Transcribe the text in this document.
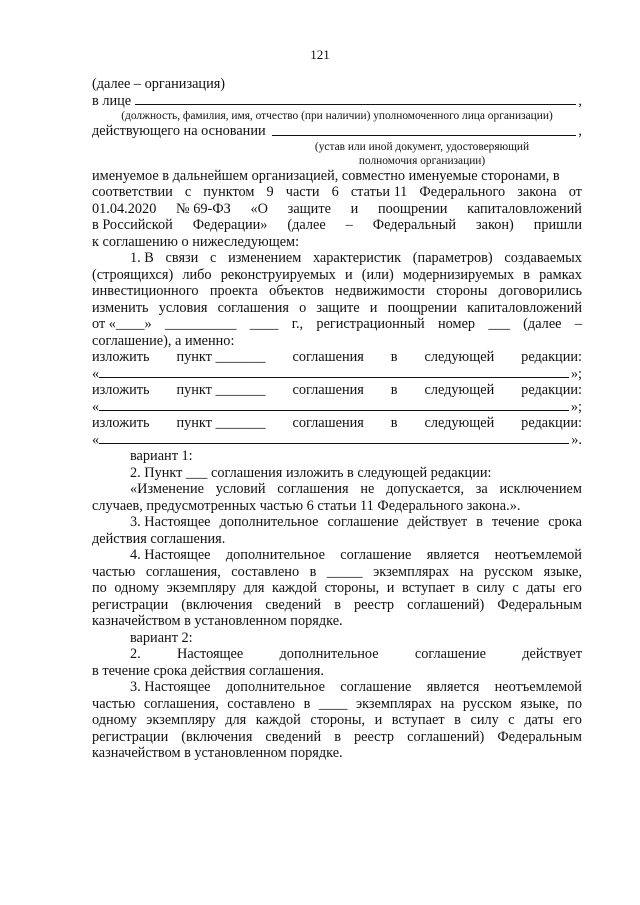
121
(далее – организация)
в лице	,
(должность, фамилия, имя, отчество (при наличии) уполномоченного лица организации)
действующего на основании	,
(устав или иной документ, удостоверяющий
полномочия организации)
именуемое в дальнейшем организацией, совместно именуемые сторонами, в
соответствии с пунктом 9 части 6 статьи 11 Федерального закона от
01.04.2020 № 69-ФЗ «О защите и поощрении капиталовложений
в Российской Федерации» (далее – Федеральный закон) пришли
к соглашению о нижеследующем:
1. В связи с изменением характеристик (параметров) создаваемых
(строящихся) либо реконструируемых и (или) модернизируемых в рамках
инвестиционного проекта объектов недвижимости стороны договорились
изменить условия соглашения о защите и поощрении капиталовложений
от «____» __________ ____ г., регистрационный номер ___ (далее –
соглашение), а именно:
изложить пункт _______ соглашения в следующей редакции:
«	»;
изложить пункт _______ соглашения в следующей редакции:
«	»;
изложить пункт _______ соглашения в следующей редакции:
«	».
вариант 1:
2. Пункт ___ соглашения изложить в следующей редакции:
«Изменение условий соглашения не допускается, за исключением
случаев, предусмотренных частью 6 статьи 11 Федерального закона.».
3. Настоящее дополнительное соглашение действует в течение срока
действия соглашения.
4. Настоящее дополнительное соглашение является неотъемлемой
частью соглашения, составлено в _____ экземплярах на русском языке,
по одному экземпляру для каждой стороны, и вступает в силу с даты его
регистрации (включения сведений в реестр соглашений) Федеральным
казначейством в установленном порядке.
вариант 2:
2.	Настоящее	дополнительное	соглашение	действует
в течение срока действия соглашения.
3. Настоящее дополнительное соглашение является неотъемлемой
частью соглашения, составлено в ____ экземплярах на русском языке, по
одному экземпляру для каждой стороны, и вступает в силу с даты его
регистрации (включения сведений в реестр соглашений) Федеральным
казначейством в установленном порядке.
